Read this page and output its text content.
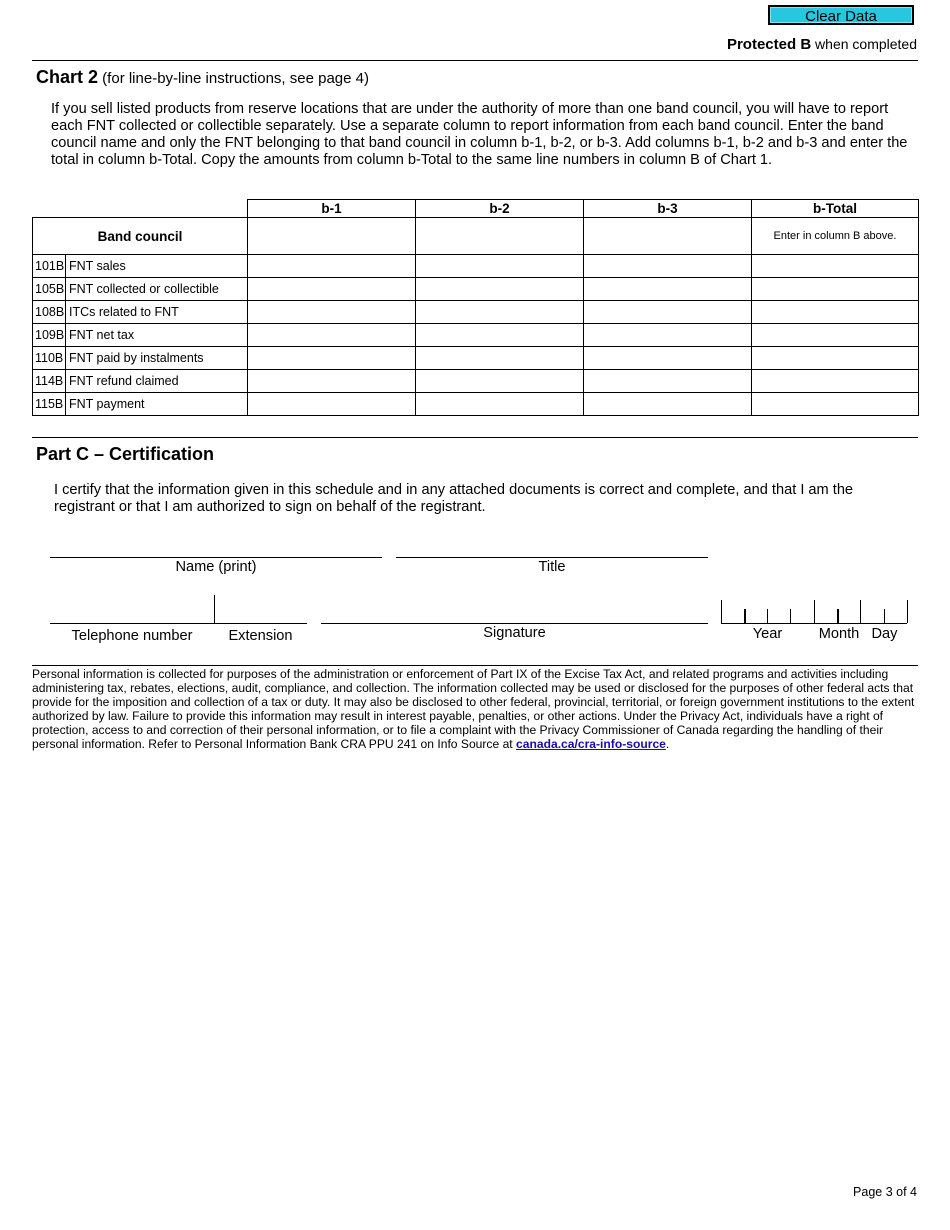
Clear Data
Protected B when completed
Chart 2 (for line-by-line instructions, see page 4)
If you sell listed products from reserve locations that are under the authority of more than one band council, you will have to report each FNT collected or collectible separately. Use a separate column to report information from each band council. Enter the band council name and only the FNT belonging to that band council in column b-1, b-2, or b-3. Add columns b-1, b-2 and b-3 and enter the total in column b-Total. Copy the amounts from column b-Total to the same line numbers in column B of Chart 1.
		b-1	b-2	b-3	b-Total
Band council					Enter in column B above.
101B	FNT sales				
105B	FNT collected or collectible				
108B	ITCs related to FNT				
109B	FNT net tax				
110B	FNT paid by instalments				
114B	FNT refund claimed				
115B	FNT payment				
Part C – Certification
I certify that the information given in this schedule and in any attached documents is correct and complete, and that I am the registrant or that I am authorized to sign on behalf of the registrant.
Name (print)	Title
Telephone number	Extension	Signature	Year	Month Day
Personal information is collected for purposes of the administration or enforcement of Part IX of the Excise Tax Act, and related programs and activities including administering tax, rebates, elections, audit, compliance, and collection. The information collected may be used or disclosed for the purposes of other federal acts that provide for the imposition and collection of a tax or duty. It may also be disclosed to other federal, provincial, territorial, or foreign government institutions to the extent authorized by law. Failure to provide this information may result in interest payable, penalties, or other actions. Under the Privacy Act, individuals have a right of protection, access to and correction of their personal information, or to file a complaint with the Privacy Commissioner of Canada regarding the handling of their personal information. Refer to Personal Information Bank CRA PPU 241 on Info Source at canada.ca/cra-info-source.
Page 3 of 4
